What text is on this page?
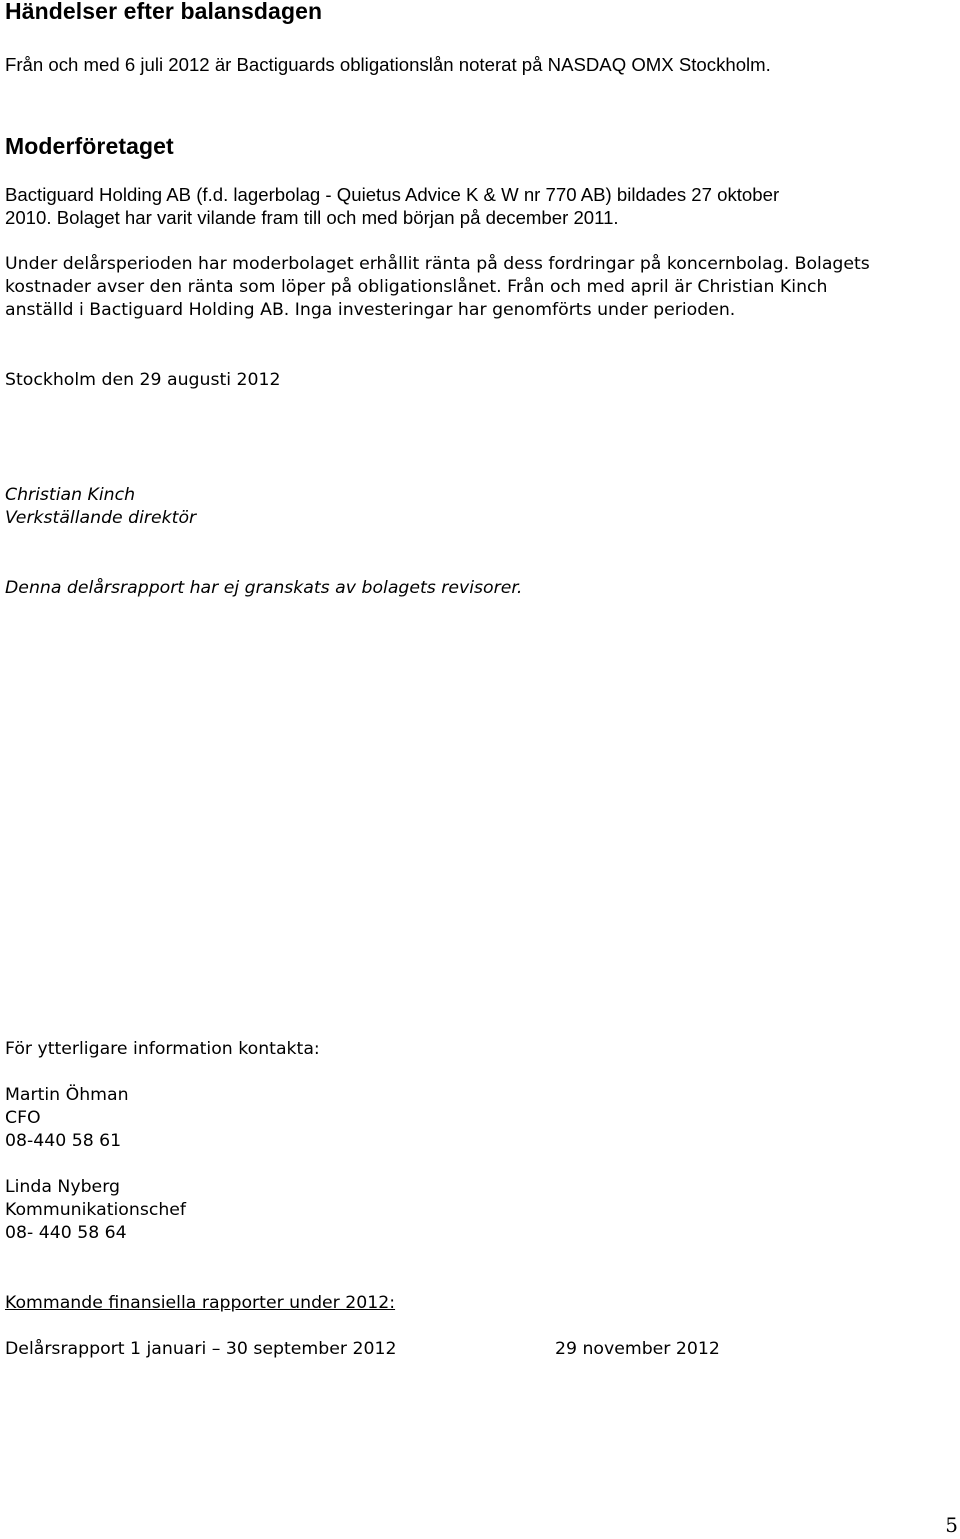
Händelser efter balansdagen

Från och med 6 juli 2012 är Bactiguards obligationslån noterat på NASDAQ OMX Stockholm.

Moderföretaget

Bactiguard Holding AB (f.d. lagerbolag - Quietus Advice K & W nr 770 AB) bildades 27 oktober
2010. Bolaget har varit vilande fram till och med början på december 2011.

Under delårsperioden har moderbolaget erhållit ränta på dess fordringar på koncernbolag. Bolagets
kostnader avser den ränta som löper på obligationslånet. Från och med april är Christian Kinch
anställd i Bactiguard Holding AB. Inga investeringar har genomförts under perioden.

Stockholm den 29 augusti 2012

Christian Kinch
Verkställande direktör

Denna delårsrapport har ej granskats av bolagets revisorer.

För ytterligare information kontakta:

Martin Öhman
CFO
08-440 58 61
Linda Nyberg
Kommunikationschef
08- 440 58 64

Kommande finansiella rapporter under 2012:

Delårsrapport 1 januari – 30 september 2012	29 november 2012

5
